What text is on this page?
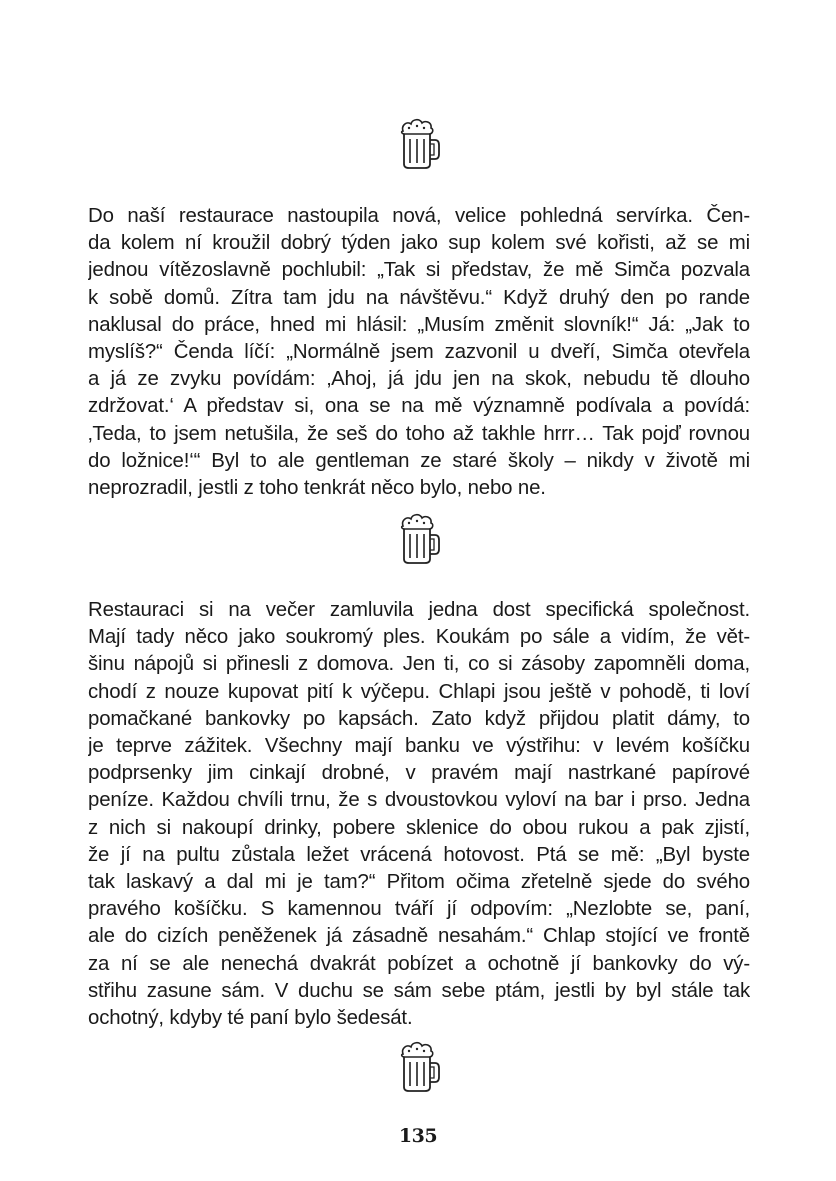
Do naší restaurace nastoupila nová, velice pohledná servírka. Čen-
da kolem ní kroužil dobrý týden jako sup kolem své kořisti, až se mi
jednou vítězoslavně pochlubil: „Tak si představ, že mě Simča pozvala
k sobě domů. Zítra tam jdu na návštěvu.“ Když druhý den po rande
naklusal do práce, hned mi hlásil: „Musím změnit slovník!“ Já: „Jak to
myslíš?“ Čenda líčí: „Normálně jsem zazvonil u dveří, Simča otevřela
a já ze zvyku povídám: ‚Ahoj, já jdu jen na skok, nebudu tě dlouho
zdržovat.‘ A představ si, ona se na mě významně podívala a povídá:
‚Teda, to jsem netušila, že seš do toho až takhle hrrr… Tak pojď rovnou
do ložnice!‘“ Byl to ale gentleman ze staré školy – nikdy v životě mi
neprozradil, jestli z toho tenkrát něco bylo, nebo ne.
Restauraci si na večer zamluvila jedna dost specifická společnost.
Mají tady něco jako soukromý ples. Koukám po sále a vidím, že vět-
šinu nápojů si přinesli z domova. Jen ti, co si zásoby zapomněli doma,
chodí z nouze kupovat pití k výčepu. Chlapi jsou ještě v pohodě, ti loví
pomačkané bankovky po kapsách. Zato když přijdou platit dámy, to
je teprve zážitek. Všechny mají banku ve výstřihu: v levém košíčku
podprsenky jim cinkají drobné, v pravém mají nastrkané papírové
peníze. Každou chvíli trnu, že s dvoustovkou vyloví na bar i prso. Jedna
z nich si nakoupí drinky, pobere sklenice do obou rukou a pak zjistí,
že jí na pultu zůstala ležet vrácená hotovost. Ptá se mě: „Byl byste
tak laskavý a dal mi je tam?“ Přitom očima zřetelně sjede do svého
pravého košíčku. S kamennou tváří jí odpovím: „Nezlobte se, paní,
ale do cizích peněženek já zásadně nesahám.“ Chlap stojící ve frontě
za ní se ale nenechá dvakrát pobízet a ochotně jí bankovky do vý-
střihu zasune sám. V duchu se sám sebe ptám, jestli by byl stále tak
ochotný, kdyby té paní bylo šedesát.
135
